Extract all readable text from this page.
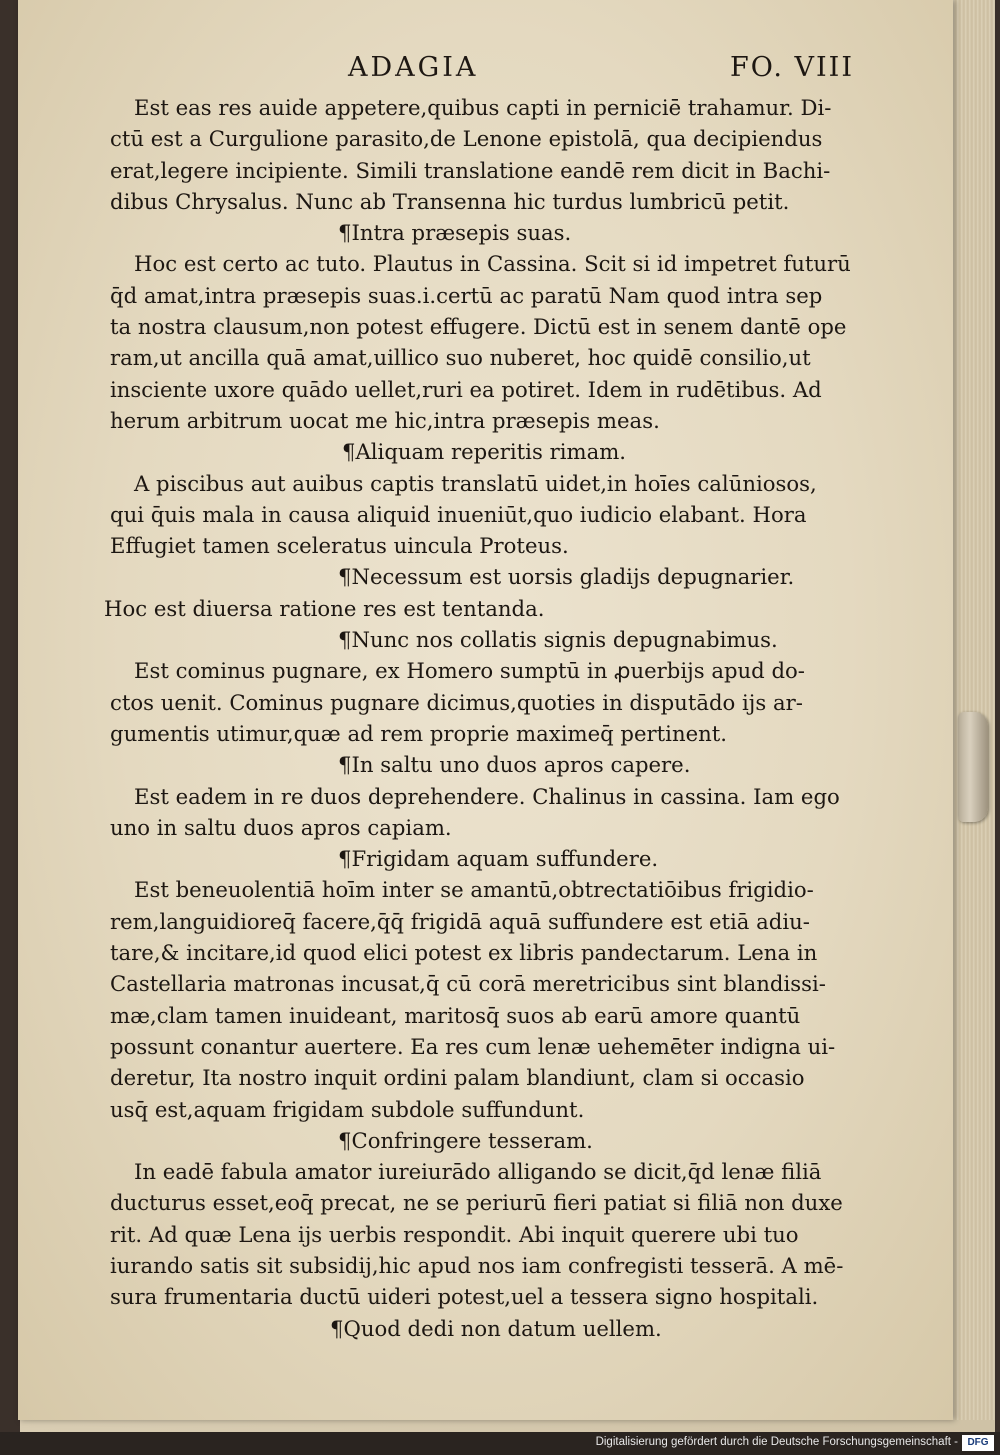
ADAGIA	FO. VIII
Est eas res auide appetere,quibus capti in perniciē trahamur. Di-
ctū est a Curgulione parasito,de Lenone epistolā, qua decipiendus
erat,legere incipiente. Simili translatione eandē rem dicit in Bachi-
dibus Chrysalus. Nunc ab Transenna hic turdus lumbricū petit.
¶Intra præsepis suas.
Hoc est certo ac tuto. Plautus in Cassina. Scit si id impetret futurū
q̄d amat,intra præsepis suas.i.certū ac paratū Nam quod intra sep
ta nostra clausum,non potest effugere. Dictū est in senem dantē ope
ram,ut ancilla quā amat,uillico suo nuberet, hoc quidē consilio,ut
insciente uxore quādo uellet,ruri ea potiret. Idem in rudētibus. Ad
herum arbitrum uocat me hic,intra præsepis meas.
¶Aliquam reperitis rimam.
A piscibus aut auibus captis translatū uidet,in hoīes calūniosos,
qui q̄uis mala in causa aliquid inueniūt,quo iudicio elabant. Hora
Effugiet tamen sceleratus uincula Proteus.
¶Necessum est uorsis gladijs depugnarier.
Hoc est diuersa ratione res est tentanda.
¶Nunc nos collatis signis depugnabimus.
Est cominus pugnare, ex Homero sumptū in ꝓuerbijs apud do-
ctos uenit. Cominus pugnare dicimus,quoties in disputādo ijs ar-
gumentis utimur,quæ ad rem proprie maximeq̄ pertinent.
¶In saltu uno duos apros capere.
Est eadem in re duos deprehendere. Chalinus in cassina. Iam ego
uno in saltu duos apros capiam.
¶Frigidam aquam suffundere.
Est beneuolentiā hoīm inter se amantū,obtrectatiōibus frigidio-
rem,languidioreq̄ facere,q̄q̄ frigidā aquā suffundere est etiā adiu-
tare,& incitare,id quod elici potest ex libris pandectarum. Lena in
Castellaria matronas incusat,q̄ cū corā meretricibus sint blandissi-
mæ,clam tamen inuideant, maritosq̄ suos ab earū amore quantū
possunt conantur auertere. Ea res cum lenæ uehemēter indigna ui-
deretur, Ita nostro inquit ordini palam blandiunt, clam si occasio
usq̄ est,aquam frigidam subdole suffundunt.
¶Confringere tesseram.
In eadē fabula amator iureiurādo alligando se dicit,q̄d lenæ filiā
ducturus esset,eoq̄ precat, ne se periurū fieri patiat si filiā non duxe
rit. Ad quæ Lena ijs uerbis respondit. Abi inquit querere ubi tuo
iurando satis sit subsidij,hic apud nos iam confregisti tesserā. A mē-
sura frumentaria ductū uideri potest,uel a tessera signo hospitali.
¶Quod dedi non datum uellem.
Digitalisierung gefördert durch die Deutsche Forschungsgemeinschaft - DFG
